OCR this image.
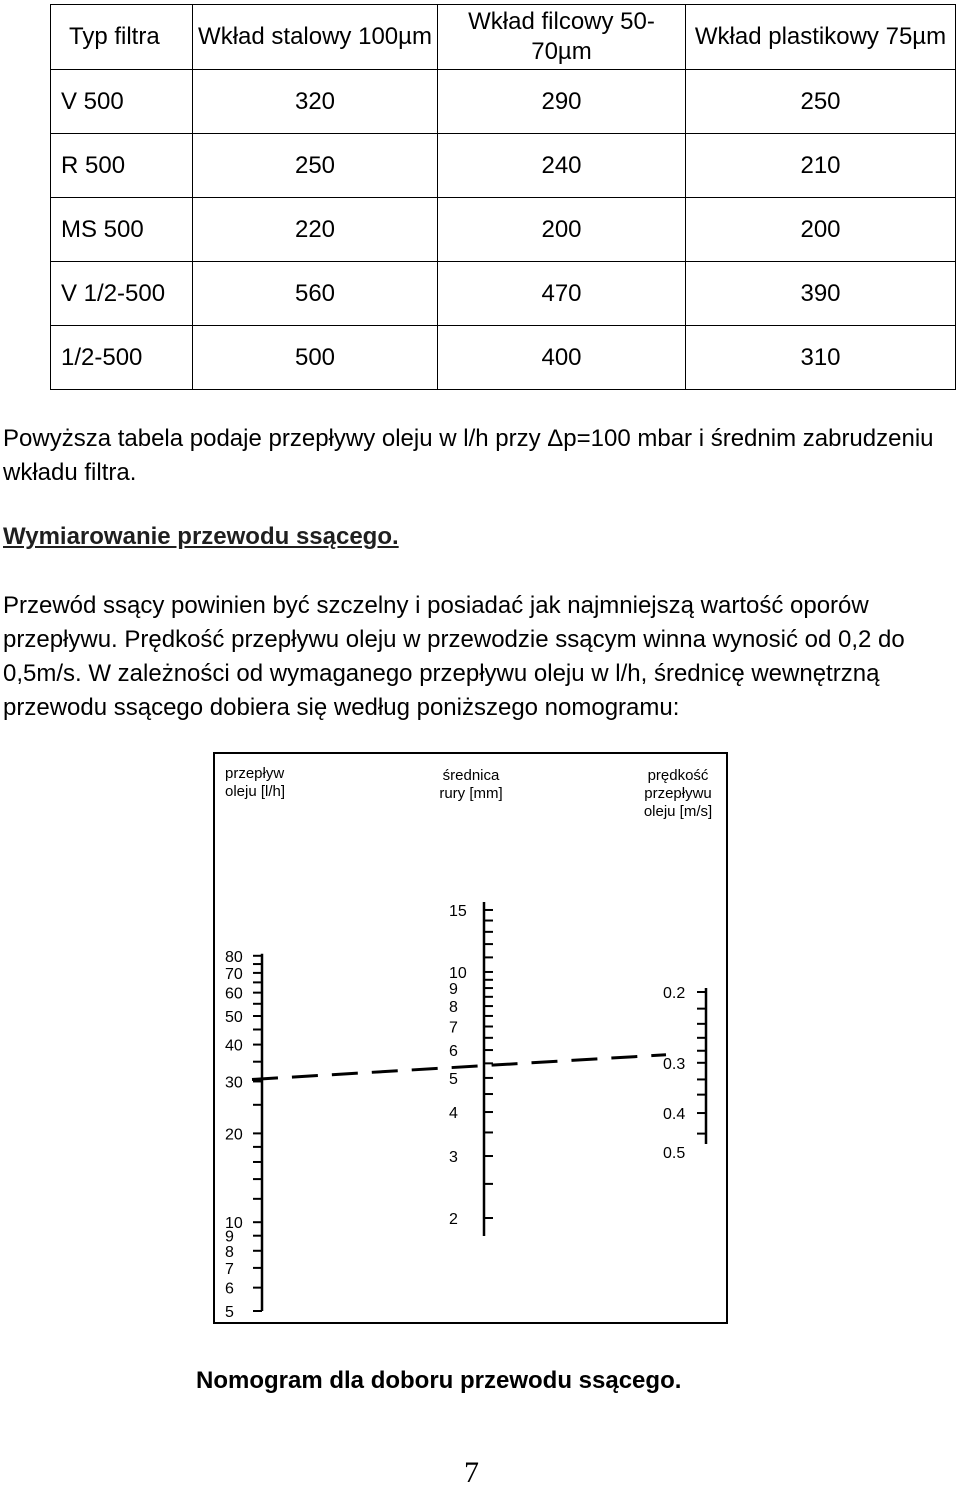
Typ filtra	Wkład stalowy 100µm	Wkład filcowy 50-70µm	Wkład plastikowy 75µm
V 500	320	290	250
R 500	250	240	210
MS 500	220	200	200
V 1/2-500	560	470	390
1/2-500	500	400	310

Powyższa tabela podaje przepływy oleju w l/h przy Δp=100 mbar i średnim zabrudzeniu wkładu filtra.

Wymiarowanie przewodu ssącego.

Przewód ssący powinien być szczelny i posiadać jak najmniejszą wartość oporów przepływu. Prędkość przepływu oleju w przewodzie ssącym winna wynosić od 0,2 do 0,5m/s. W zależności od wymaganego przepływu oleju w l/h, średnicę wewnętrzną przewodu ssącego dobiera się według poniższego nomogramu:

przepływ
oleju [l/h]
średnica
rury [mm]
prędkość
przepływu
oleju [m/s]
80
70
60
50
40
30
20
10
9
8
7
6
5
15
10
9
8
7
6
5
4
3
2
0.2
0.3
0.4
0.5

Nomogram dla doboru przewodu ssącego.

7
